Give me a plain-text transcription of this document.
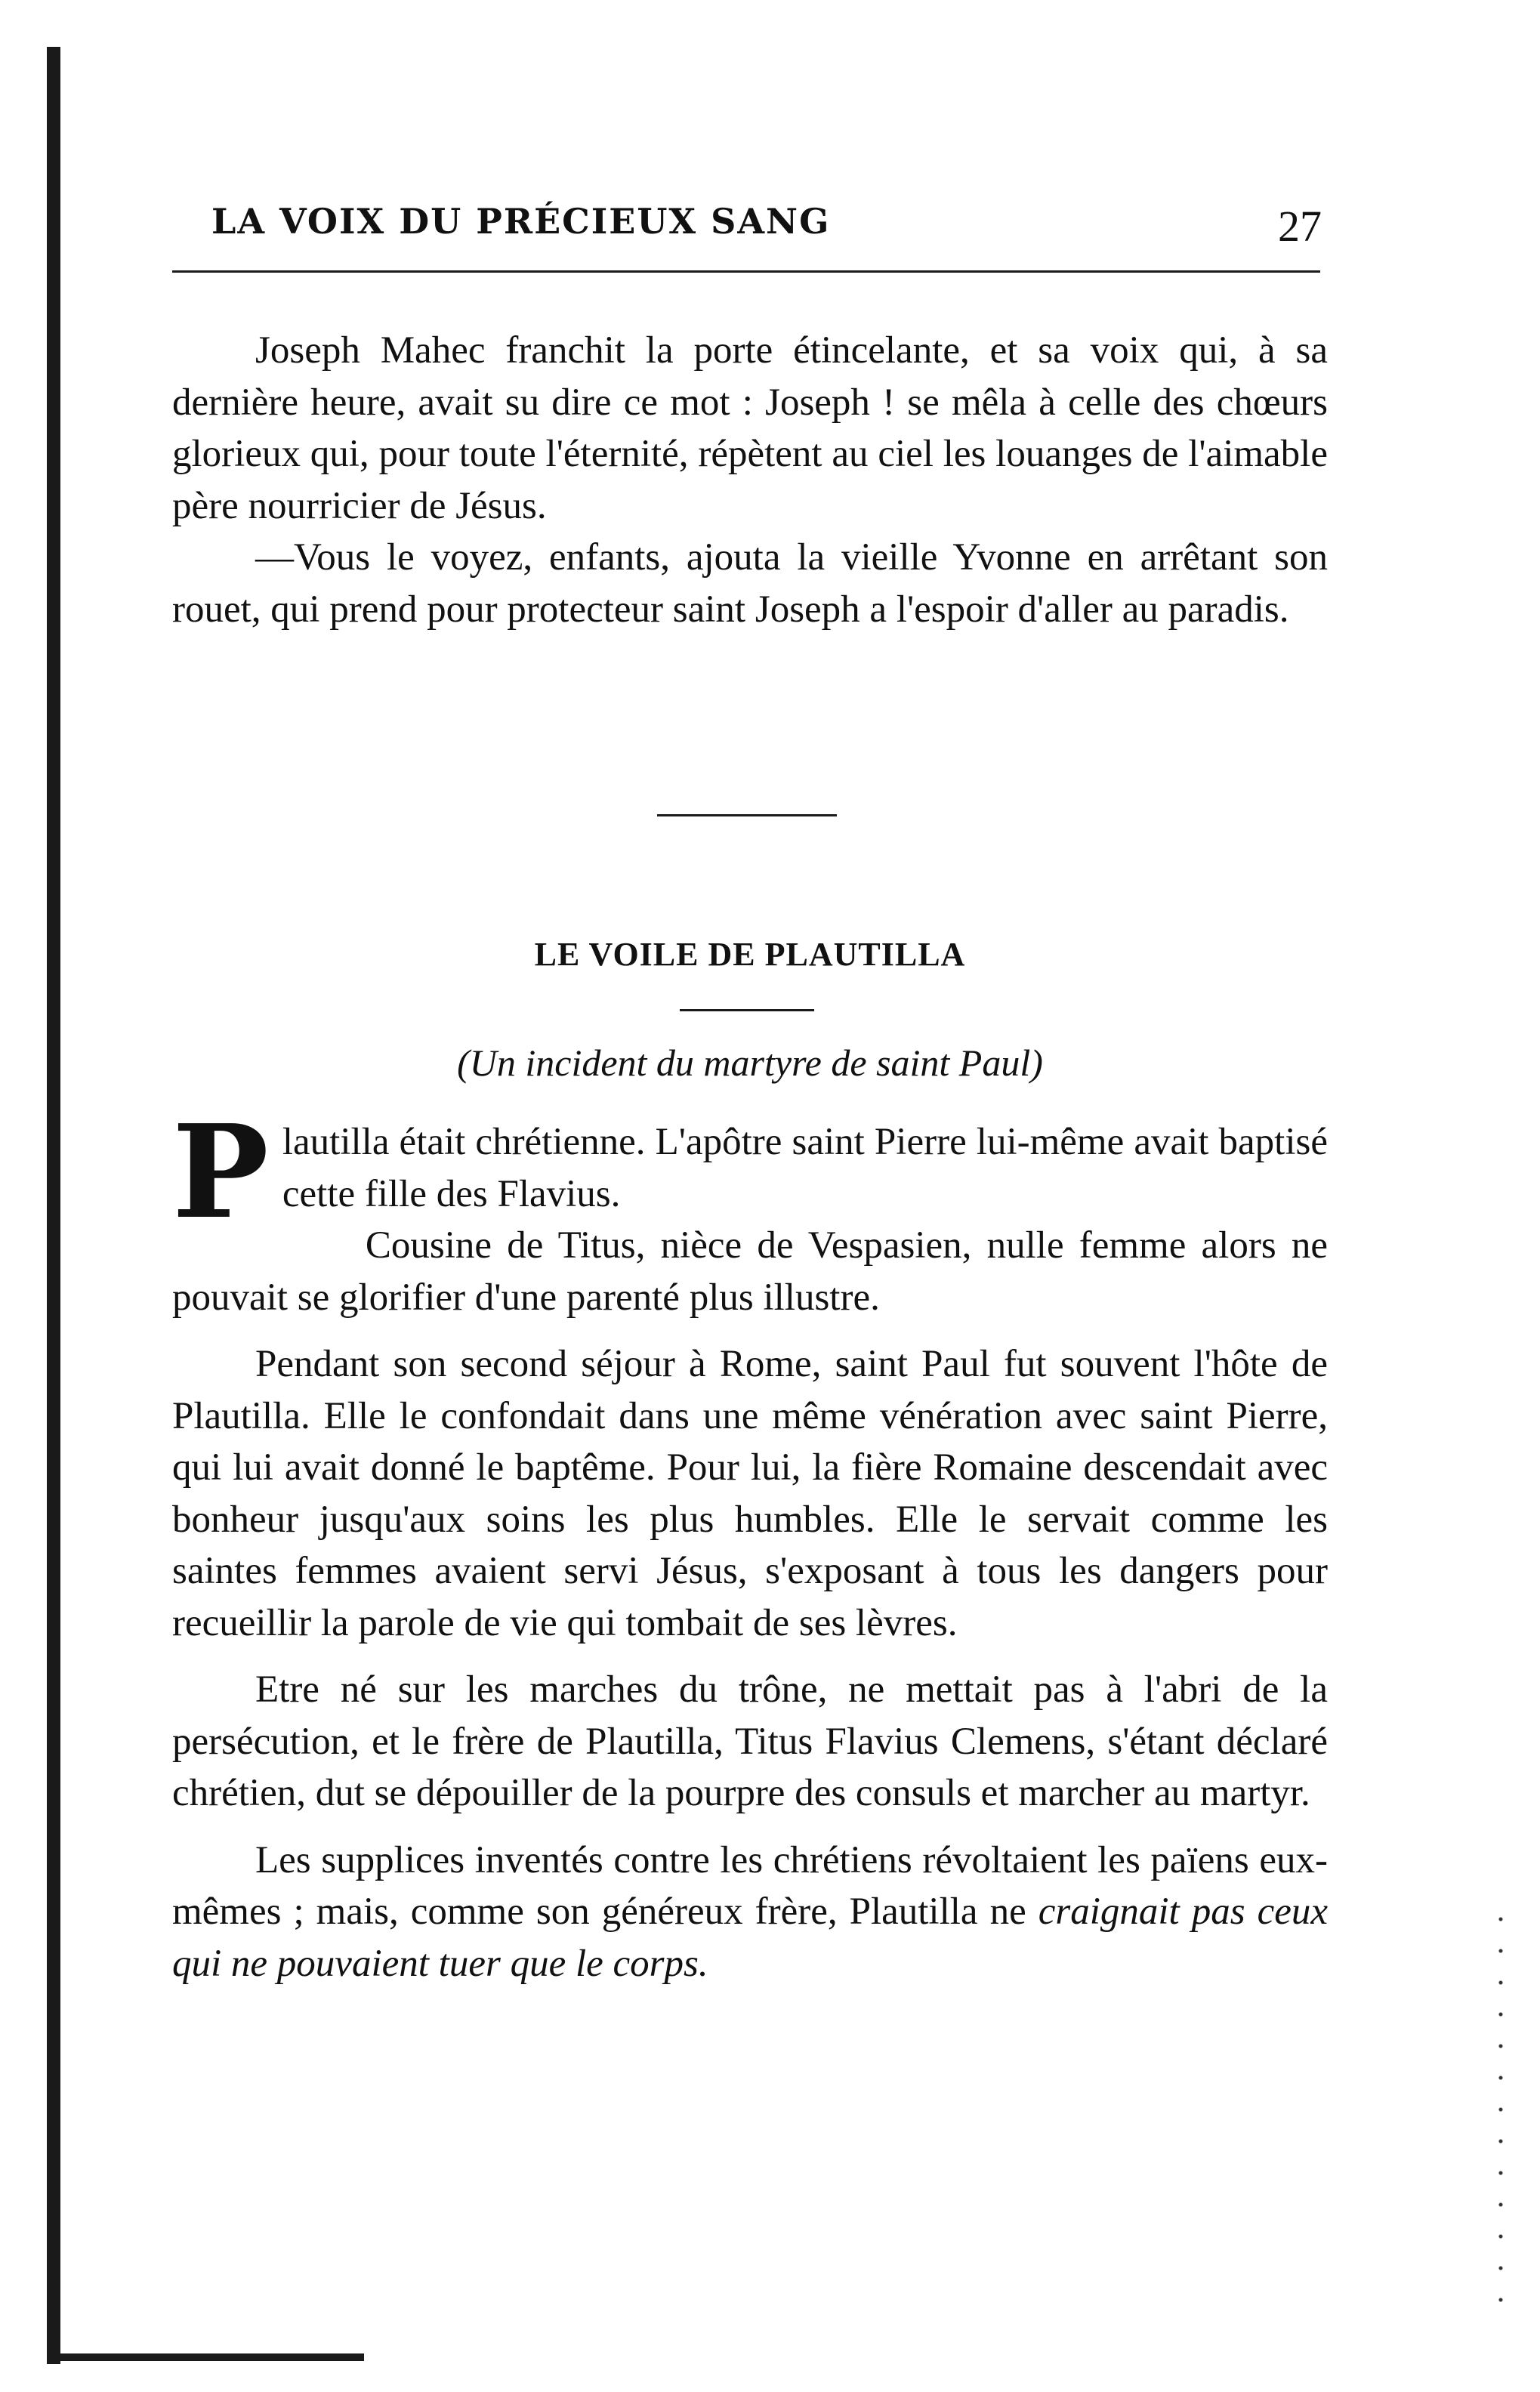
LA VOIX DU PRÉCIEUX SANG	27

Joseph Mahec franchit la porte étincelante, et sa voix qui, à sa dernière heure, avait su dire ce mot : Joseph ! se mêla à celle des chœurs glorieux qui, pour toute l'éternité, répètent au ciel les louanges de l'aimable père nourricier de Jésus.

—Vous le voyez, enfants, ajouta la vieille Yvonne en arrêtant son rouet, qui prend pour protecteur saint Joseph a l'espoir d'aller au paradis.

LE VOILE DE PLAUTILLA
(Un incident du martyre de saint Paul)

Plautilla était chrétienne. L'apôtre saint Pierre lui-même avait baptisé cette fille des Flavius.

Cousine de Titus, nièce de Vespasien, nulle femme alors ne pouvait se glorifier d'une parenté plus illustre.

Pendant son second séjour à Rome, saint Paul fut souvent l'hôte de Plautilla. Elle le confondait dans une même vénération avec saint Pierre, qui lui avait donné le baptême. Pour lui, la fière Romaine descendait avec bonheur jusqu'aux soins les plus humbles. Elle le servait comme les saintes femmes avaient servi Jésus, s'exposant à tous les dangers pour recueillir la parole de vie qui tombait de ses lèvres.

Etre né sur les marches du trône, ne mettait pas à l'abri de la persécution, et le frère de Plautilla, Titus Flavius Clemens, s'étant déclaré chrétien, dut se dépouiller de la pourpre des consuls et marcher au martyr.

Les supplices inventés contre les chrétiens révoltaient les païens eux-mêmes ; mais, comme son généreux frère, Plautilla ne craignait pas ceux qui ne pouvaient tuer que le corps.
